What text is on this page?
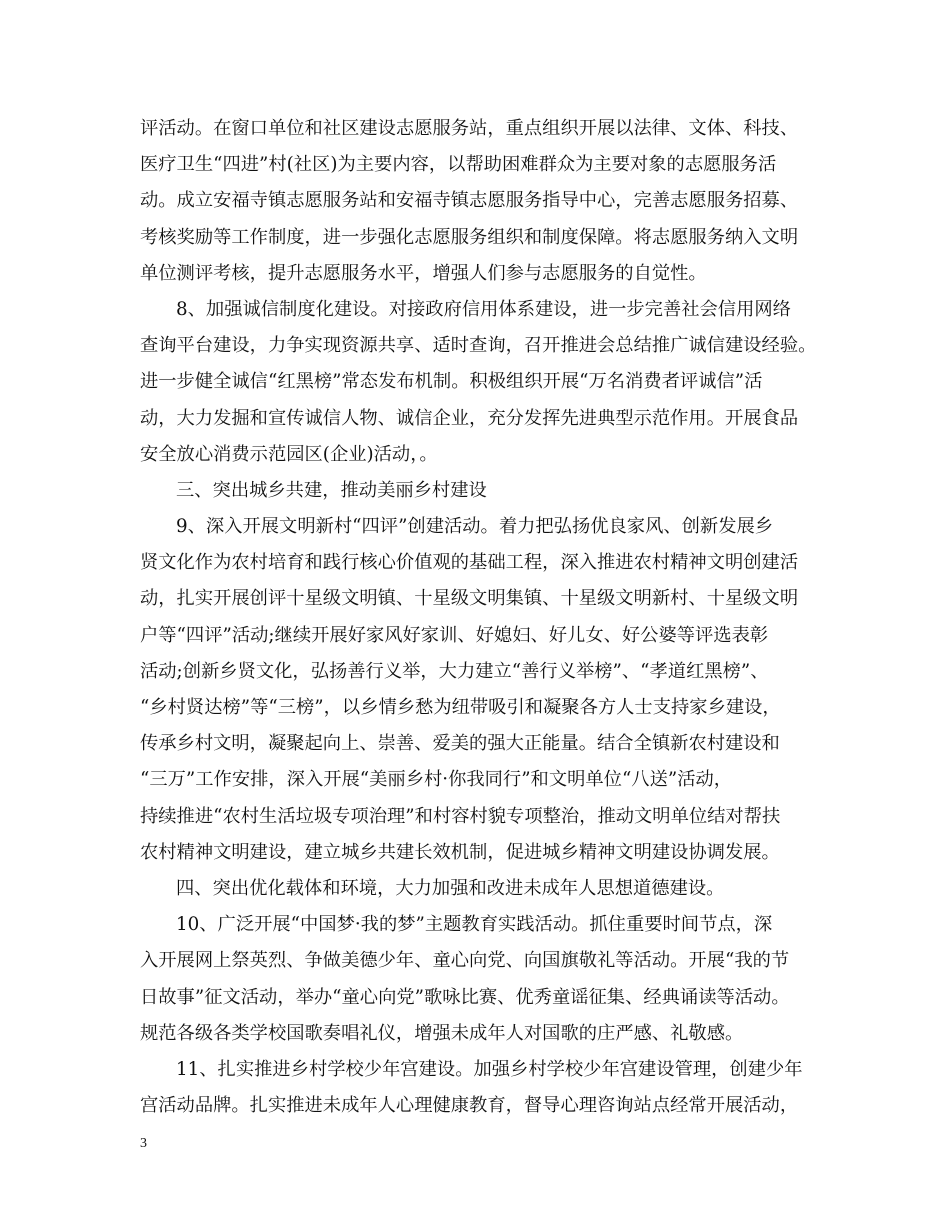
评活动。在窗口单位和社区建设志愿服务站，重点组织开展以法律、文体、科技、
医疗卫生“四进”村(社区)为主要内容，以帮助困难群众为主要对象的志愿服务活
动。成立安福寺镇志愿服务站和安福寺镇志愿服务指导中心，完善志愿服务招募、
考核奖励等工作制度，进一步强化志愿服务组织和制度保障。将志愿服务纳入文明
单位测评考核，提升志愿服务水平，增强人们参与志愿服务的自觉性。
8、加强诚信制度化建设。对接政府信用体系建设，进一步完善社会信用网络
查询平台建设，力争实现资源共享、适时查询，召开推进会总结推广诚信建设经验。
进一步健全诚信“红黑榜”常态发布机制。积极组织开展“万名消费者评诚信”活
动，大力发掘和宣传诚信人物、诚信企业，充分发挥先进典型示范作用。开展食品
安全放心消费示范园区(企业)活动，。
三、突出城乡共建，推动美丽乡村建设
9、深入开展文明新村“四评”创建活动。着力把弘扬优良家风、创新发展乡
贤文化作为农村培育和践行核心价值观的基础工程，深入推进农村精神文明创建活
动，扎实开展创评十星级文明镇、十星级文明集镇、十星级文明新村、十星级文明
户等“四评”活动;继续开展好家风好家训、好媳妇、好儿女、好公婆等评选表彰
活动;创新乡贤文化，弘扬善行义举，大力建立“善行义举榜”、“孝道红黑榜”、
“乡村贤达榜”等“三榜”，以乡情乡愁为纽带吸引和凝聚各方人士支持家乡建设，
传承乡村文明，凝聚起向上、崇善、爱美的强大正能量。结合全镇新农村建设和
“三万”工作安排，深入开展“美丽乡村·你我同行”和文明单位“八送”活动，
持续推进“农村生活垃圾专项治理”和村容村貌专项整治，推动文明单位结对帮扶
农村精神文明建设，建立城乡共建长效机制，促进城乡精神文明建设协调发展。
四、突出优化载体和环境，大力加强和改进未成年人思想道德建设。
10、广泛开展“中国梦·我的梦”主题教育实践活动。抓住重要时间节点，深
入开展网上祭英烈、争做美德少年、童心向党、向国旗敬礼等活动。开展“我的节
日故事”征文活动，举办“童心向党”歌咏比赛、优秀童谣征集、经典诵读等活动。
规范各级各类学校国歌奏唱礼仪，增强未成年人对国歌的庄严感、礼敬感。
11、扎实推进乡村学校少年宫建设。加强乡村学校少年宫建设管理，创建少年
宫活动品牌。扎实推进未成年人心理健康教育，督导心理咨询站点经常开展活动，
3
